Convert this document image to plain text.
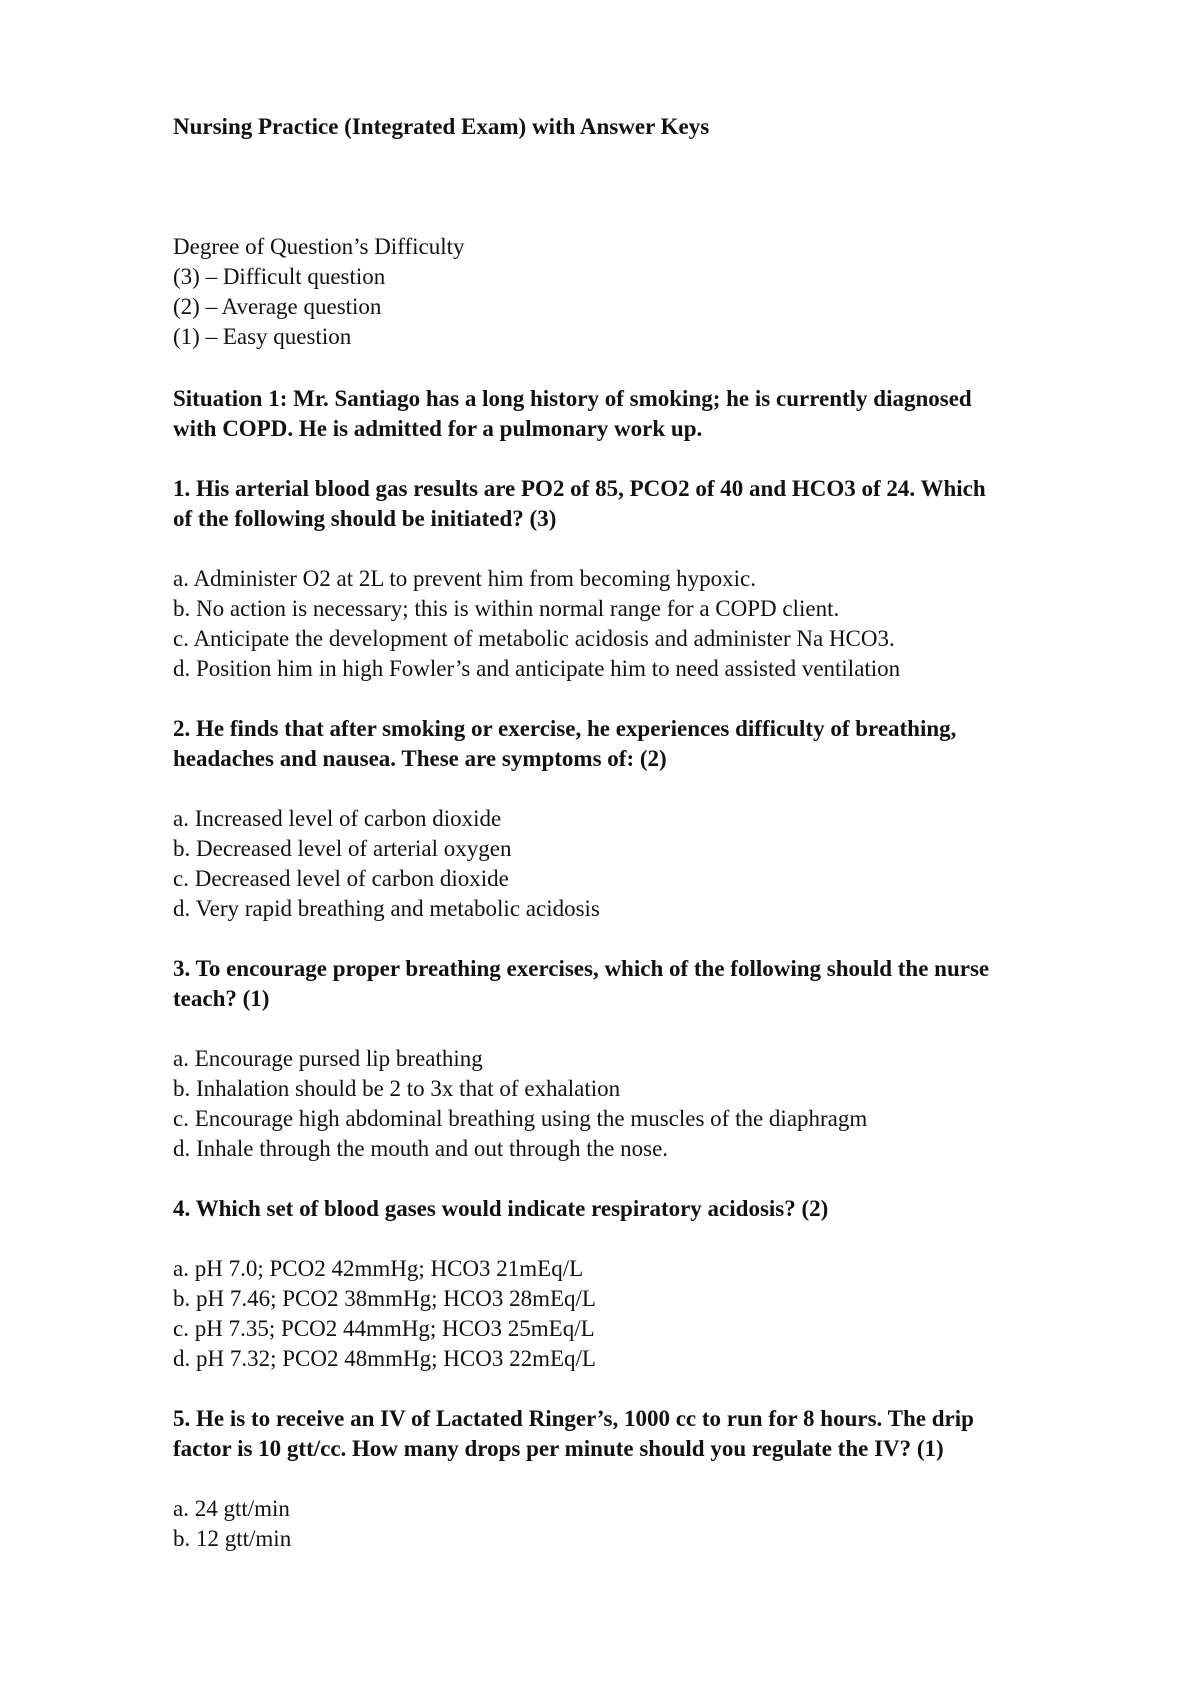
Nursing Practice (Integrated Exam) with Answer Keys
Degree of Question’s Difficulty
(3) – Difficult question
(2) – Average question
(1) – Easy question
Situation 1: Mr. Santiago has a long history of smoking; he is currently diagnosed
with COPD. He is admitted for a pulmonary work up.
1. His arterial blood gas results are PO2 of 85, PCO2 of 40 and HCO3 of 24. Which
of the following should be initiated? (3)
a. Administer O2 at 2L to prevent him from becoming hypoxic.
b. No action is necessary; this is within normal range for a COPD client.
c. Anticipate the development of metabolic acidosis and administer Na HCO3.
d. Position him in high Fowler’s and anticipate him to need assisted ventilation
2. He finds that after smoking or exercise, he experiences difficulty of breathing,
headaches and nausea. These are symptoms of: (2)
a. Increased level of carbon dioxide
b. Decreased level of arterial oxygen
c. Decreased level of carbon dioxide
d. Very rapid breathing and metabolic acidosis
3. To encourage proper breathing exercises, which of the following should the nurse
teach? (1)
a. Encourage pursed lip breathing
b. Inhalation should be 2 to 3x that of exhalation
c. Encourage high abdominal breathing using the muscles of the diaphragm
d. Inhale through the mouth and out through the nose.
4. Which set of blood gases would indicate respiratory acidosis? (2)
a. pH 7.0; PCO2 42mmHg; HCO3 21mEq/L
b. pH 7.46; PCO2 38mmHg; HCO3 28mEq/L
c. pH 7.35; PCO2 44mmHg; HCO3 25mEq/L
d. pH 7.32; PCO2 48mmHg; HCO3 22mEq/L
5. He is to receive an IV of Lactated Ringer’s, 1000 cc to run for 8 hours. The drip
factor is 10 gtt/cc. How many drops per minute should you regulate the IV? (1)
a. 24 gtt/min
b. 12 gtt/min
